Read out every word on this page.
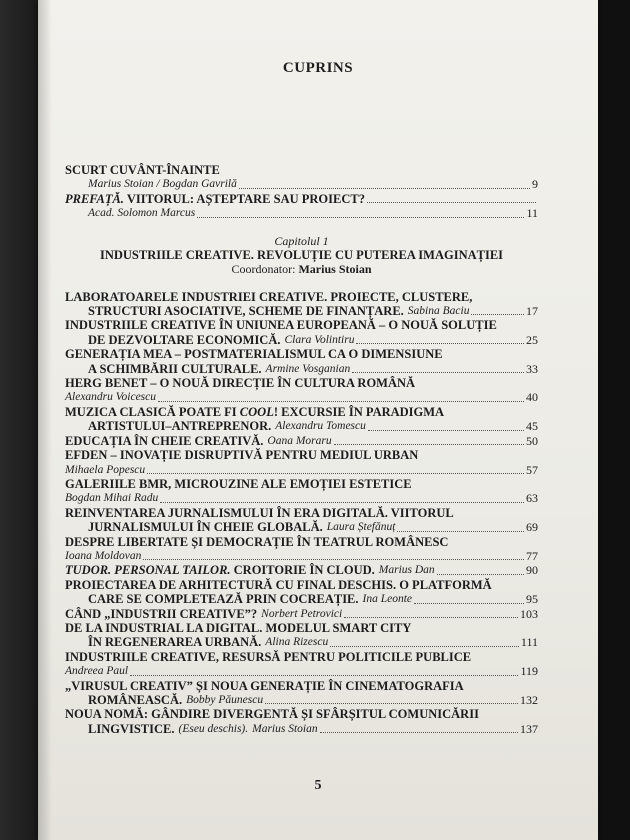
CUPRINS
SCURT CUVÂNT-ÎNAINTE
Marius Stoian / Bogdan Gavrilă	9
PREFAȚĂ. VIITORUL: AȘTEPTARE SAU PROIECT?
Acad. Solomon Marcus	11
Capitolul 1
INDUSTRIILE CREATIVE. REVOLUȚIE CU PUTEREA IMAGINAȚIEI
Coordonator: Marius Stoian
LABORATOARELE INDUSTRIEI CREATIVE. PROIECTE, CLUSTERE,
STRUCTURI ASOCIATIVE, SCHEME DE FINANȚARE. Sabina Baciu	17
INDUSTRIILE CREATIVE ÎN UNIUNEA EUROPEANĂ – O NOUĂ SOLUȚIE
DE DEZVOLTARE ECONOMICĂ. Clara Volintiru	25
GENERAȚIA MEA – POSTMATERIALISMUL CA O DIMENSIUNE
A SCHIMBĂRII CULTURALE. Armine Vosganian	33
HERG BENET – O NOUĂ DIRECȚIE ÎN CULTURA ROMÂNĂ
Alexandru Voicescu	40
MUZICA CLASICĂ POATE FI COOL! EXCURSIE ÎN PARADIGMA
ARTISTULUI–ANTREPRENOR. Alexandru Tomescu	45
EDUCAȚIA ÎN CHEIE CREATIVĂ. Oana Moraru	50
EFDEN – INOVAȚIE DISRUPTIVĂ PENTRU MEDIUL URBAN
Mihaela Popescu	57
GALERIILE BMR, MICROUZINE ALE EMOȚIEI ESTETICE
Bogdan Mihai Radu	63
REINVENTAREA JURNALISMULUI ÎN ERA DIGITALĂ. VIITORUL
JURNALISMULUI ÎN CHEIE GLOBALĂ. Laura Ștefănuț	69
DESPRE LIBERTATE ȘI DEMOCRAȚIE ÎN TEATRUL ROMÂNESC
Ioana Moldovan	77
TUDOR. PERSONAL TAILOR. CROITORIE ÎN CLOUD. Marius Dan	90
PROIECTAREA DE ARHITECTURĂ CU FINAL DESCHIS. O PLATFORMĂ
CARE SE COMPLETEAZĂ PRIN COCREAȚIE. Ina Leonte	95
CÂND „INDUSTRII CREATIVE”? Norbert Petrovici	103
DE LA INDUSTRIAL LA DIGITAL. MODELUL SMART CITY
ÎN REGENERAREA URBANĂ. Alina Rizescu	111
INDUSTRIILE CREATIVE, RESURSĂ PENTRU POLITICILE PUBLICE
Andreea Paul	119
„VIRUSUL CREATIV” ȘI NOUA GENERAȚIE ÎN CINEMATOGRAFIA
ROMÂNEASCĂ. Bobby Păunescu	132
NOUA NOMĂ: GÂNDIRE DIVERGENTĂ ȘI SFÂRȘITUL COMUNICĂRII
LINGVISTICE. (Eseu deschis). Marius Stoian	137
5
